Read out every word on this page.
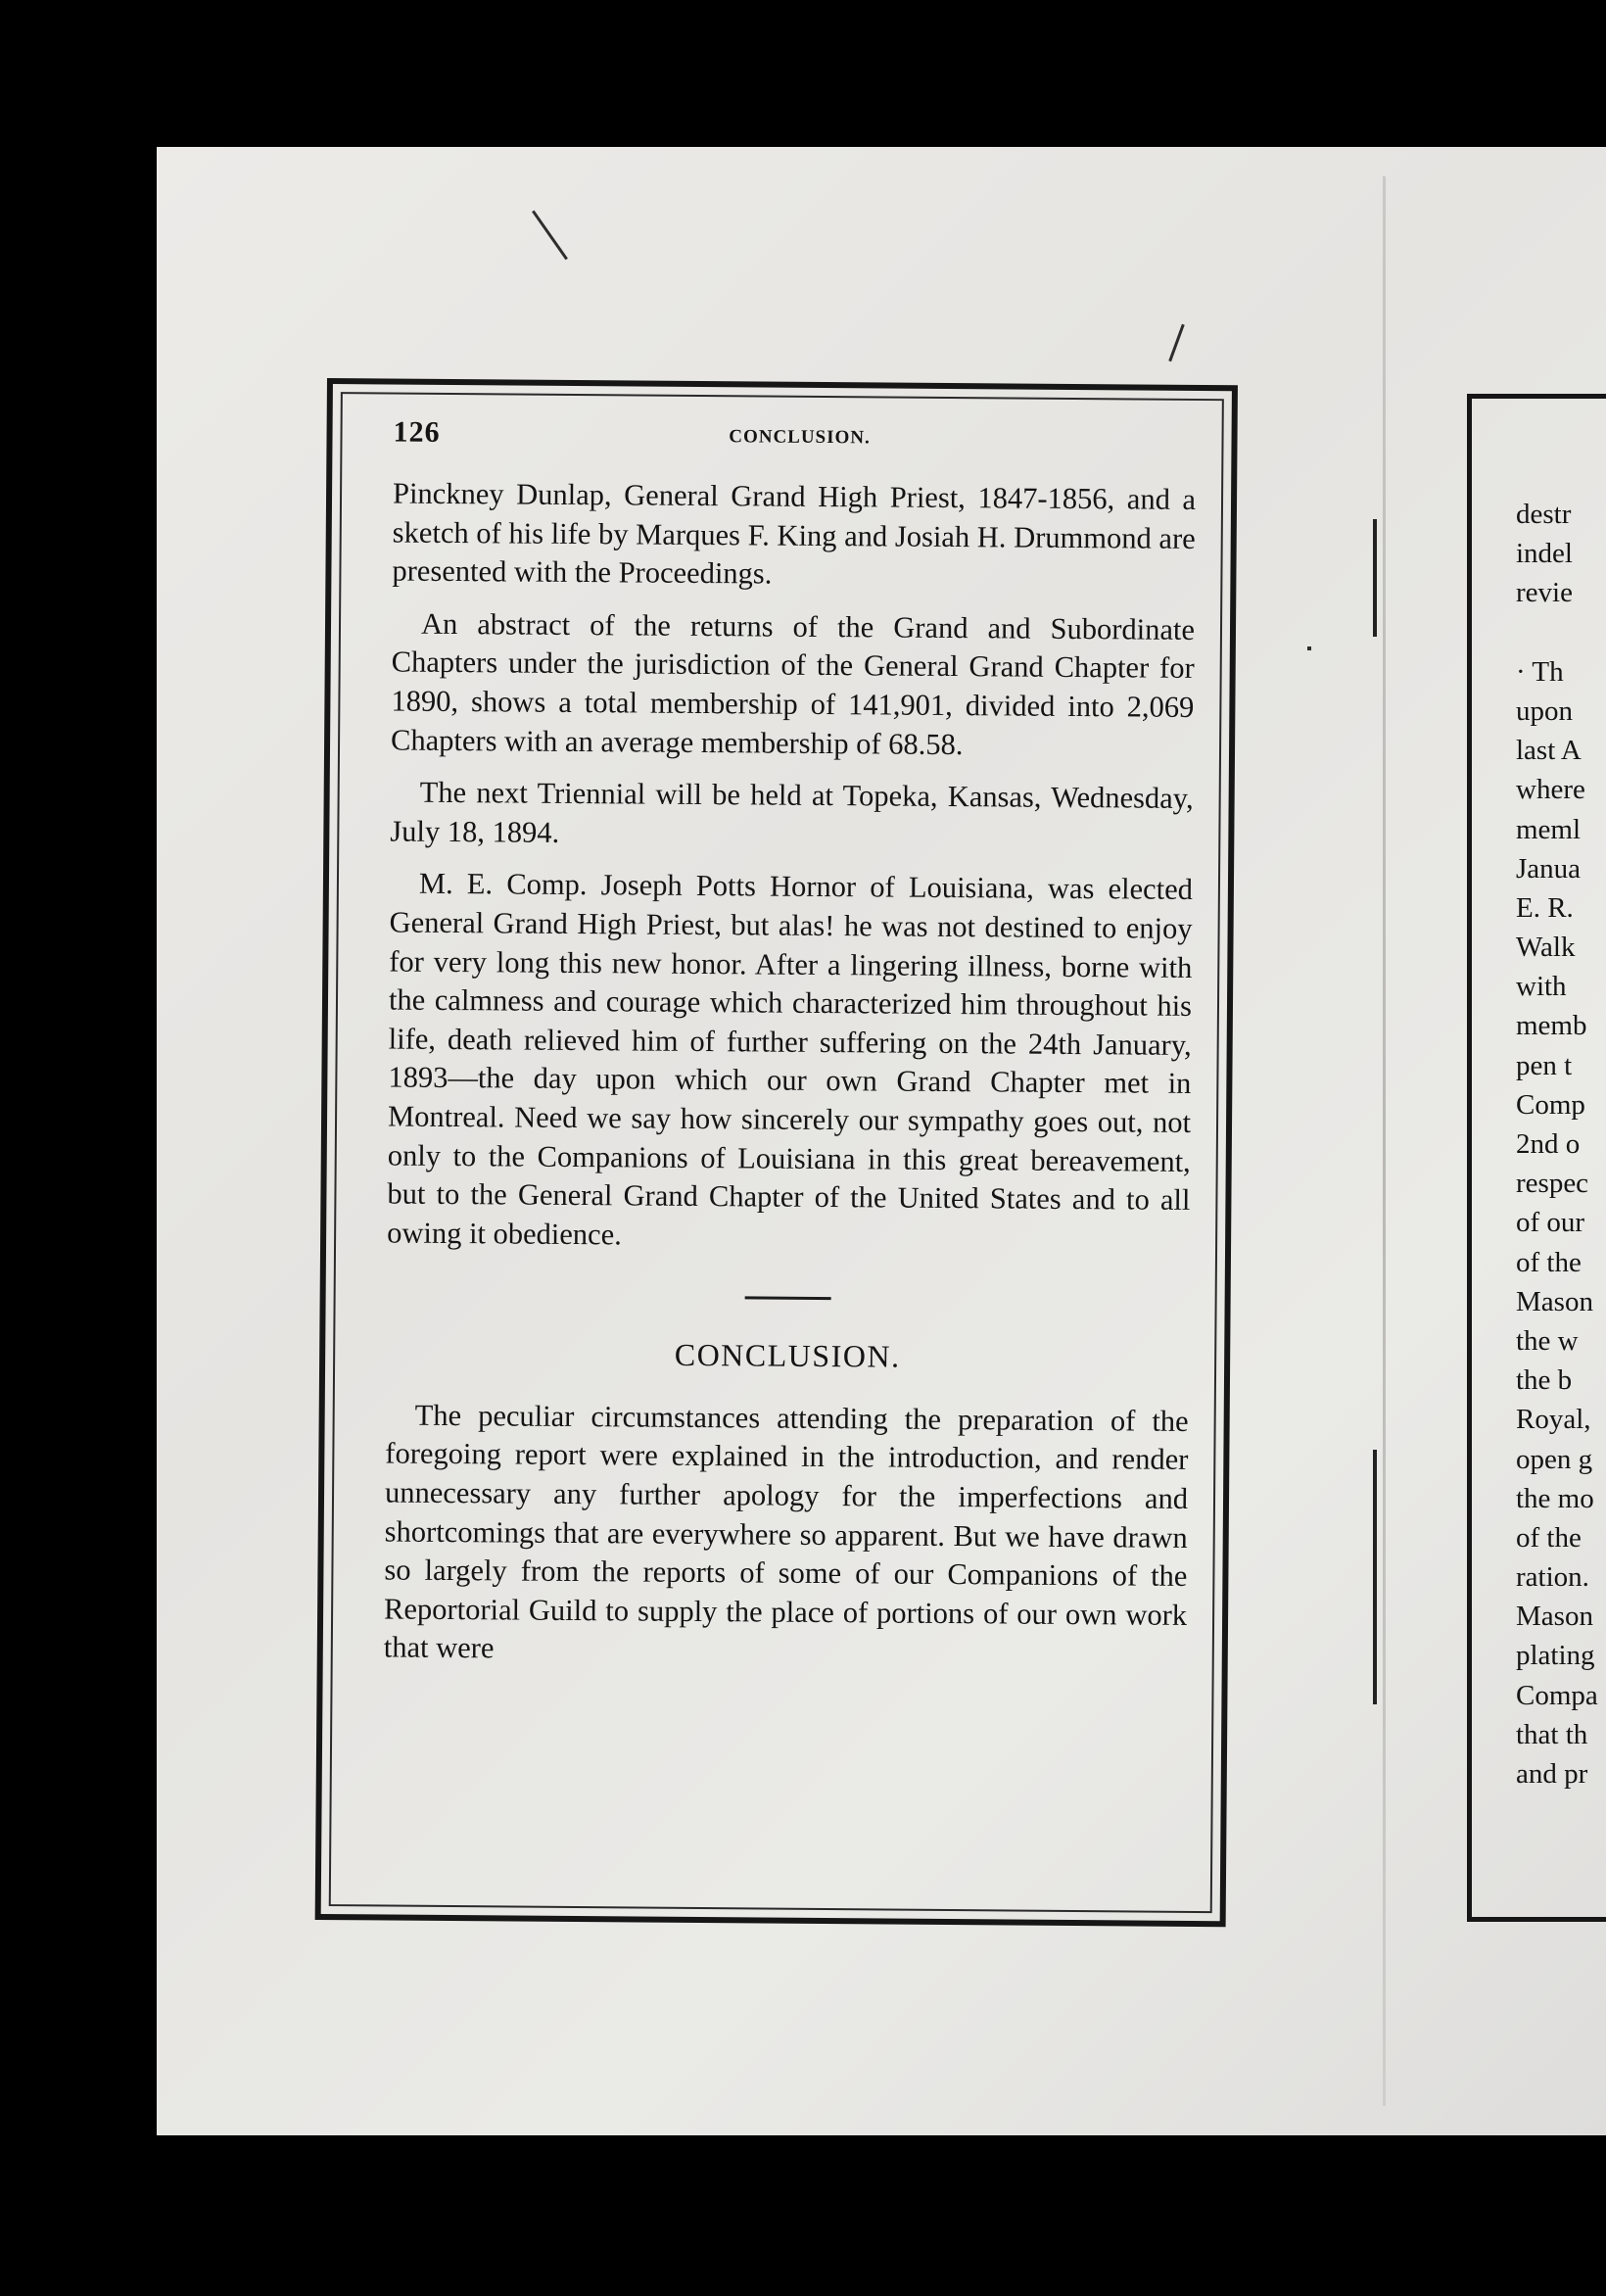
126	CONCLUSION.

Pinckney Dunlap, General Grand High Priest, 1847-1856, and a sketch of his life by Marques F. King and Josiah H. Drummond are presented with the Proceedings.

An abstract of the returns of the Grand and Subordinate Chapters under the jurisdiction of the General Grand Chapter for 1890, shows a total membership of 141,901, divided into 2,069 Chapters with an average membership of 68.58.

The next Triennial will be held at Topeka, Kansas, Wednesday, July 18, 1894.

M. E. Comp. Joseph Potts Hornor of Louisiana, was elected General Grand High Priest, but alas! he was not destined to enjoy for very long this new honor. After a lingering illness, borne with the calmness and courage which characterized him throughout his life, death relieved him of further suffering on the 24th January, 1893—the day upon which our own Grand Chapter met in Montreal. Need we say how sincerely our sympathy goes out, not only to the Companions of Louisiana in this great bereavement, but to the General Grand Chapter of the United States and to all owing it obedience.

CONCLUSION.

The peculiar circumstances attending the preparation of the foregoing report were explained in the introduction, and render unnecessary any further apology for the imperfections and shortcomings that are everywhere so apparent. But we have drawn so largely from the reports of some of our Companions of the Reportorial Guild to supply the place of portions of our own work that were

destr
indel
revie
· Th
upon
last A
where
meml
Janua
E. R.
Walk
with
memb
pen t
Comp
2nd o
respec
of our
of the
Mason
the w
the b
Royal,
open g
the mo
of the
ration.
Mason
plating
Compa
that th
and pr
